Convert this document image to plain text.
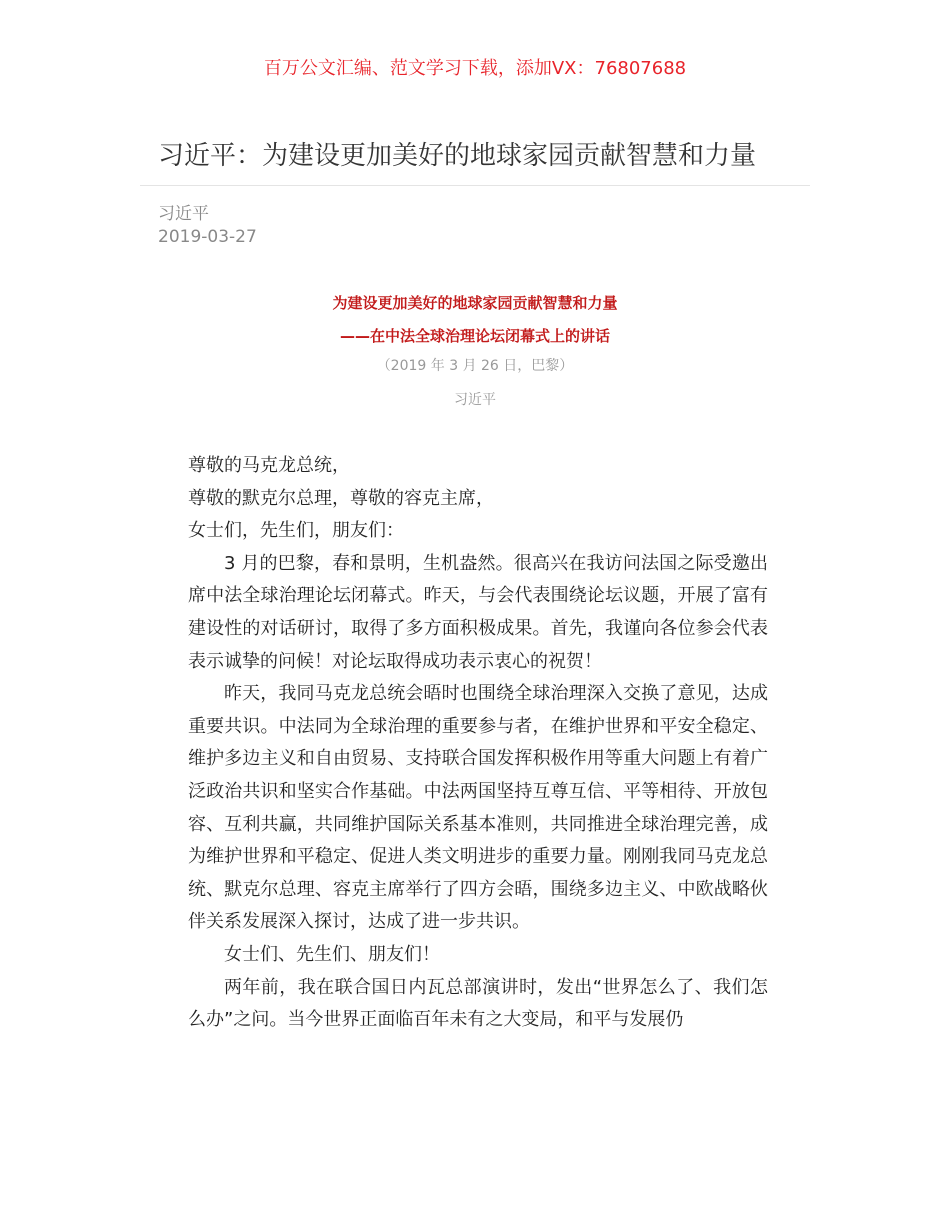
百万公文汇编、范文学习下载，添加VX：76807688
习近平：为建设更加美好的地球家园贡献智慧和力量
习近平
2019-03-27
为建设更加美好的地球家园贡献智慧和力量
——在中法全球治理论坛闭幕式上的讲话
（2019 年 3 月 26 日，巴黎）
习近平

尊敬的马克龙总统，

尊敬的默克尔总理，尊敬的容克主席，

女士们，先生们，朋友们：

3 月的巴黎，春和景明，生机盎然。很高兴在我访问法国之际受邀出席中法全球治理论坛闭幕式。昨天，与会代表围绕论坛议题，开展了富有建设性的对话研讨，取得了多方面积极成果。首先，我谨向各位参会代表表示诚挚的问候！对论坛取得成功表示衷心的祝贺！

昨天，我同马克龙总统会晤时也围绕全球治理深入交换了意见，达成重要共识。中法同为全球治理的重要参与者，在维护世界和平安全稳定、维护多边主义和自由贸易、支持联合国发挥积极作用等重大问题上有着广泛政治共识和坚实合作基础。中法两国坚持互尊互信、平等相待、开放包容、互利共赢，共同维护国际关系基本准则，共同推进全球治理完善，成为维护世界和平稳定、促进人类文明进步的重要力量。刚刚我同马克龙总统、默克尔总理、容克主席举行了四方会晤，围绕多边主义、中欧战略伙伴关系发展深入探讨，达成了进一步共识。

女士们、先生们、朋友们！

两年前，我在联合国日内瓦总部演讲时，发出“世界怎么了、我们怎么办”之问。当今世界正面临百年未有之大变局，和平与发展仍
